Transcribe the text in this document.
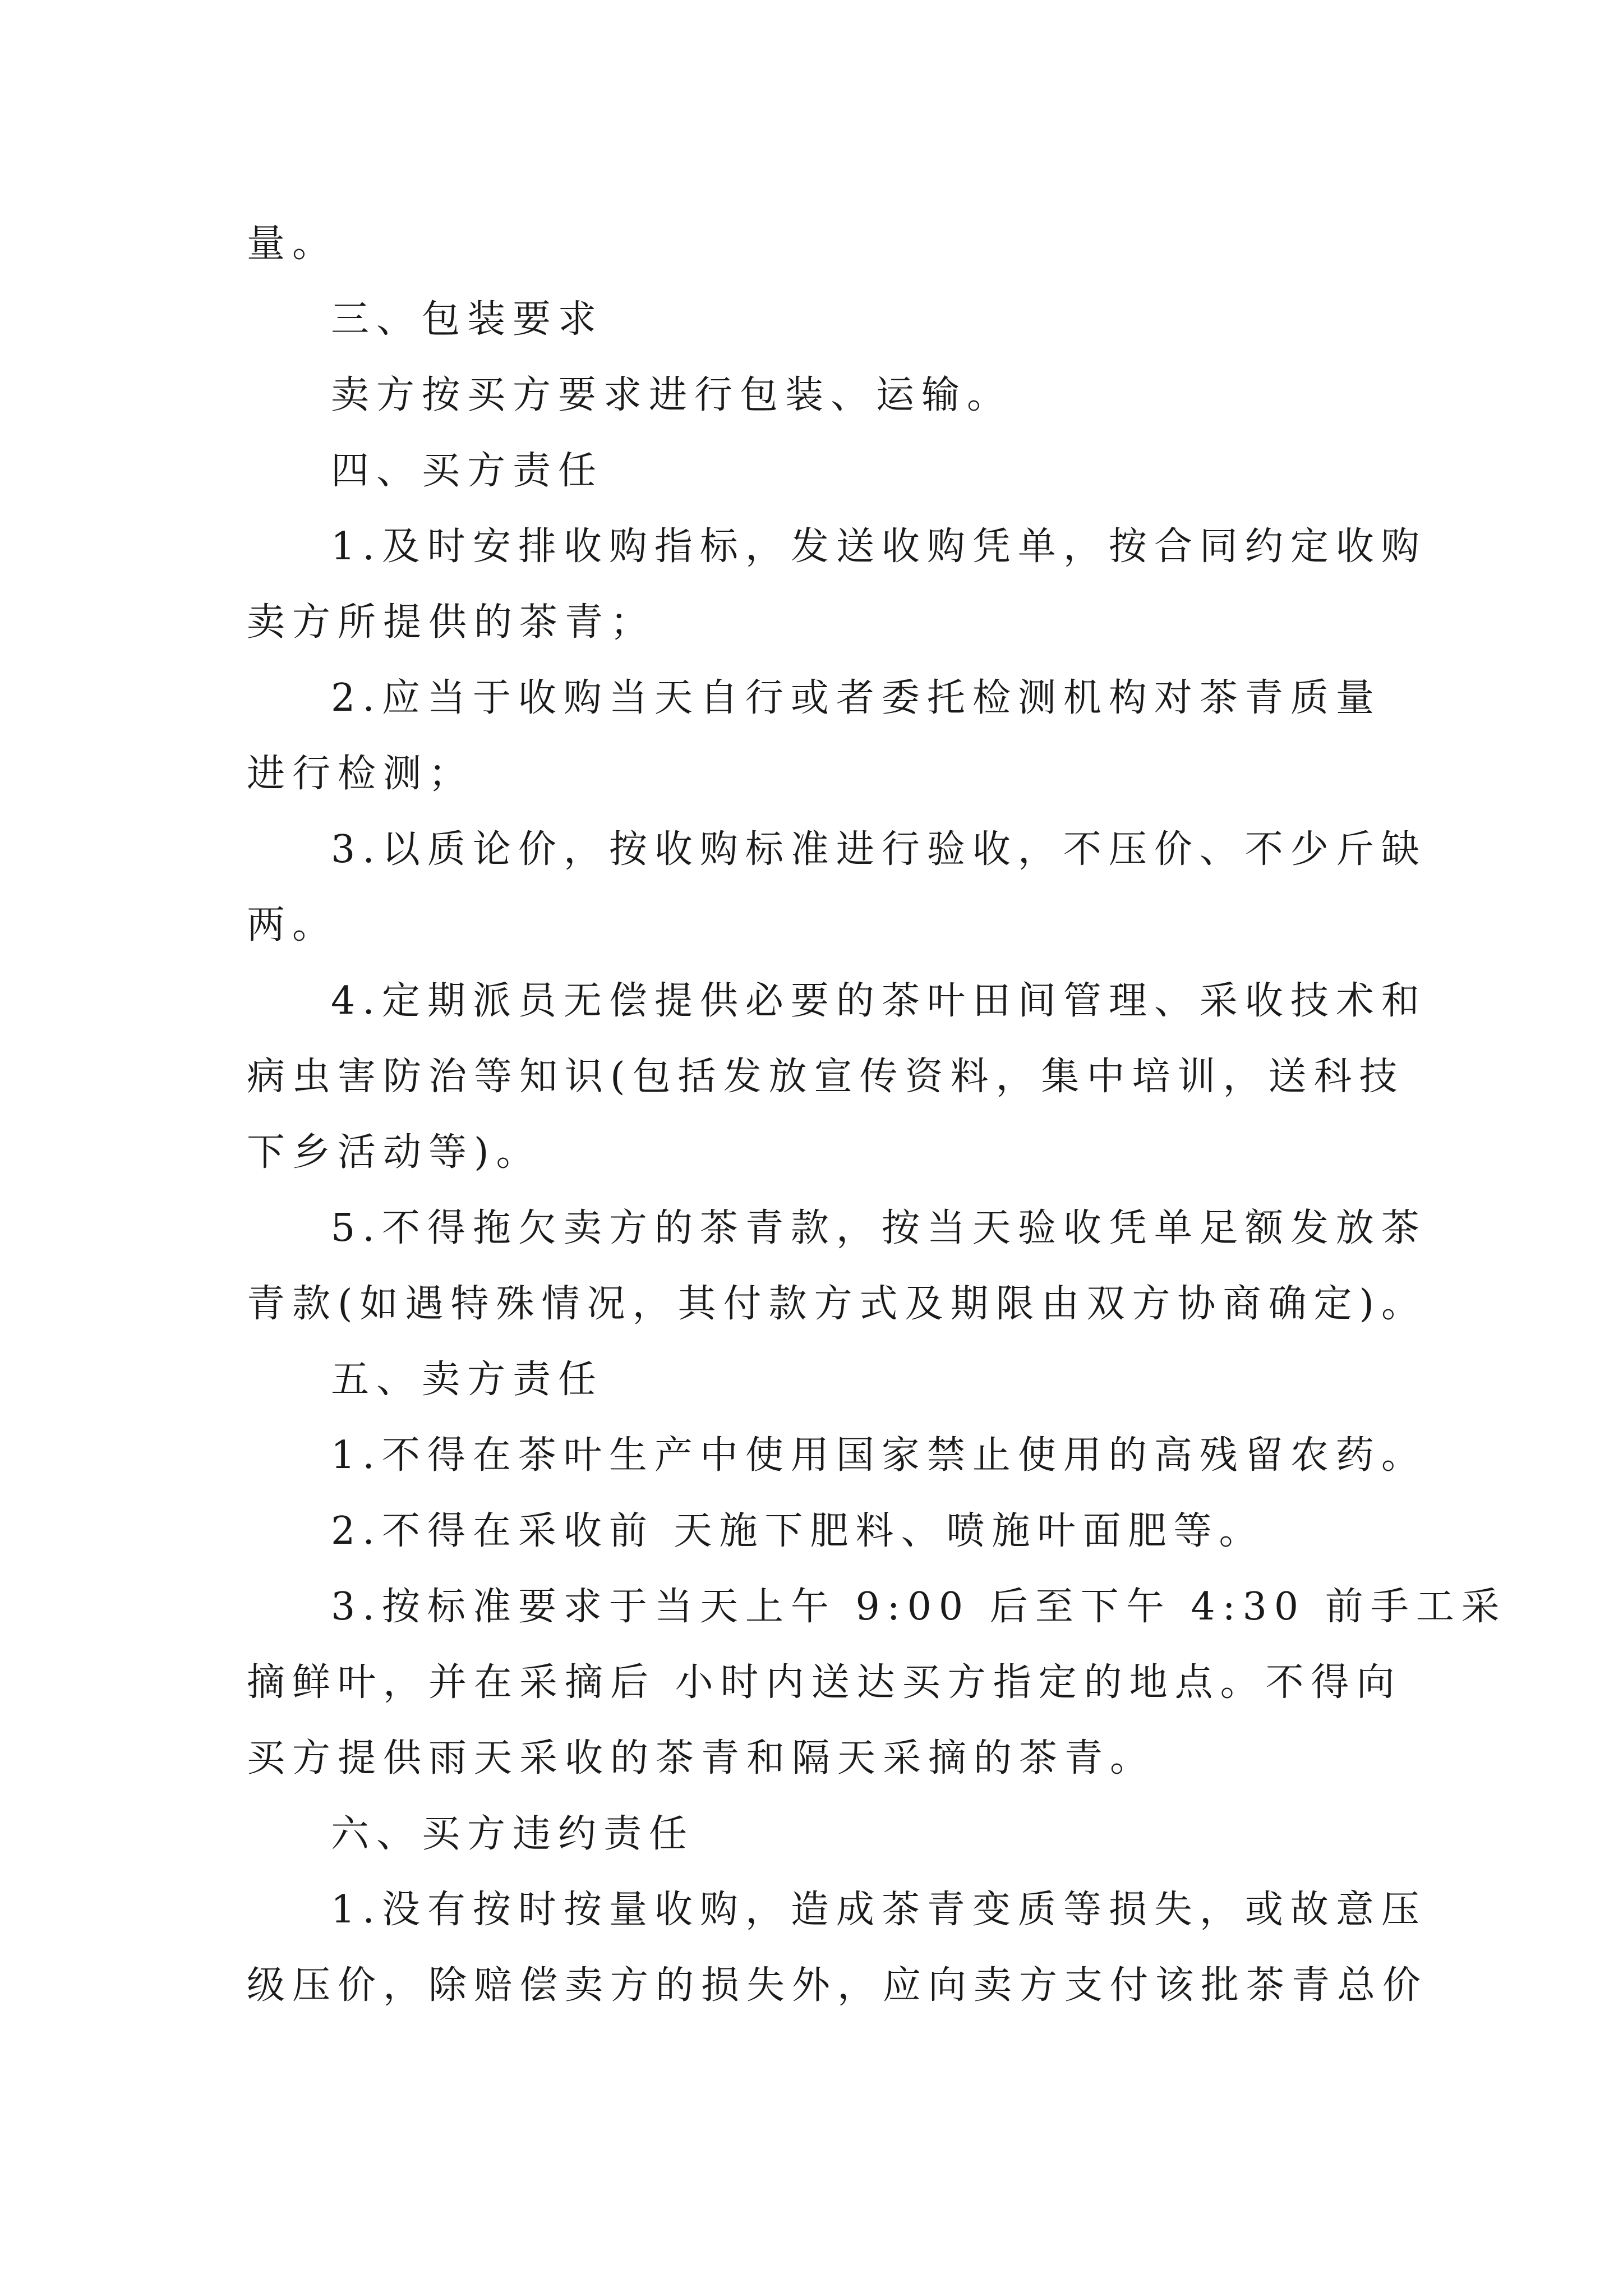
量。
三、包装要求
卖方按买方要求进行包装、运输。
四、买方责任
1.及时安排收购指标，发送收购凭单，按合同约定收购
卖方所提供的茶青；
2.应当于收购当天自行或者委托检测机构对茶青质量
进行检测；
3.以质论价，按收购标准进行验收，不压价、不少斤缺
两。
4.定期派员无偿提供必要的茶叶田间管理、采收技术和
病虫害防治等知识(包括发放宣传资料，集中培训，送科技
下乡活动等)。
5.不得拖欠卖方的茶青款，按当天验收凭单足额发放茶
青款(如遇特殊情况，其付款方式及期限由双方协商确定)。
五、卖方责任
1.不得在茶叶生产中使用国家禁止使用的高残留农药。
2.不得在采收前 天施下肥料、喷施叶面肥等。
3.按标准要求于当天上午 9:00 后至下午 4:30 前手工采
摘鲜叶，并在采摘后 小时内送达买方指定的地点。不得向
买方提供雨天采收的茶青和隔天采摘的茶青。
六、买方违约责任
1.没有按时按量收购，造成茶青变质等损失，或故意压
级压价，除赔偿卖方的损失外，应向卖方支付该批茶青总价
